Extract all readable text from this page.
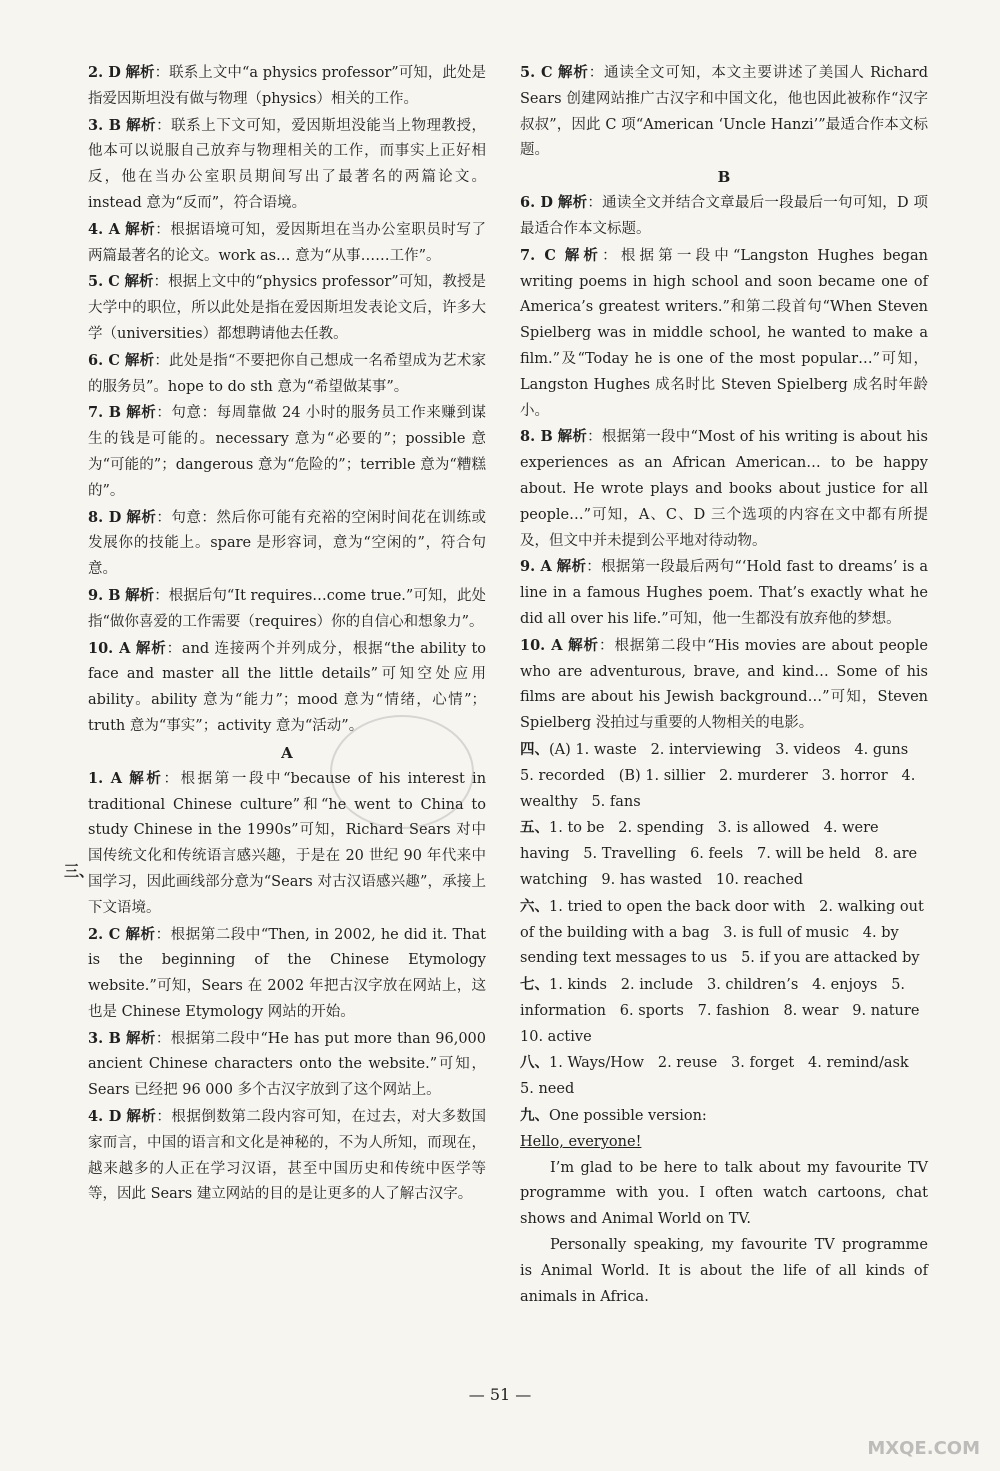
2. D 解析：联系上文中“a physics professor”可知，此处是指爱因斯坦没有做与物理（physics）相关的工作。
3. B 解析：联系上下文可知，爱因斯坦没能当上物理教授，他本可以说服自己放弃与物理相关的工作，而事实上正好相反，他在当办公室职员期间写出了最著名的两篇论文。instead 意为“反而”，符合语境。
4. A 解析：根据语境可知，爱因斯坦在当办公室职员时写了两篇最著名的论文。work as… 意为“从事……工作”。
5. C 解析：根据上文中的“physics professor”可知，教授是大学中的职位，所以此处是指在爱因斯坦发表论文后，许多大学（universities）都想聘请他去任教。
6. C 解析：此处是指“不要把你自己想成一名希望成为艺术家的服务员”。hope to do sth 意为“希望做某事”。
7. B 解析：句意：每周靠做 24 小时的服务员工作来赚到谋生的钱是可能的。necessary 意为“必要的”；possible 意为“可能的”；dangerous 意为“危险的”；terrible 意为“糟糕的”。
8. D 解析：句意：然后你可能有充裕的空闲时间花在训练或发展你的技能上。spare 是形容词，意为“空闲的”，符合句意。
9. B 解析：根据后句“It requires…come true.”可知，此处指“做你喜爱的工作需要（requires）你的自信心和想象力”。
10. A 解析：and 连接两个并列成分，根据“the ability to face and master all the little details”可知空处应用 ability。ability 意为“能力”；mood 意为“情绪，心情”；truth 意为“事实”；activity 意为“活动”。
A
1. A 解析：根据第一段中“because of his interest in traditional Chinese culture”和“he went to China to study Chinese in the 1990s”可知，Richard Sears 对中国传统文化和传统语言感兴趣，于是在 20 世纪 90 年代来中国学习，因此画线部分意为“Sears 对古汉语感兴趣”，承接上下文语境。
2. C 解析：根据第二段中“Then, in 2002, he did it. That is the beginning of the Chinese Etymology website.”可知，Sears 在 2002 年把古汉字放在网站上，这也是 Chinese Etymology 网站的开始。
3. B 解析：根据第二段中“He has put more than 96,000 ancient Chinese characters onto the website.”可知，Sears 已经把 96 000 多个古汉字放到了这个网站上。
4. D 解析：根据倒数第二段内容可知，在过去，对大多数国家而言，中国的语言和文化是神秘的，不为人所知，而现在，越来越多的人正在学习汉语，甚至中国历史和传统中医学等等，因此 Sears 建立网站的目的是让更多的人了解古汉字。
三、
5. C 解析：通读全文可知，本文主要讲述了美国人 Richard Sears 创建网站推广古汉字和中国文化，他也因此被称作“汉字叔叔”，因此 C 项“American ‘Uncle Hanzi’”最适合作本文标题。
B
6. D 解析：通读全文并结合文章最后一段最后一句可知，D 项最适合作本文标题。
7. C 解析：根据第一段中“Langston Hughes began writing poems in high school and soon became one of America’s greatest writers.”和第二段首句“When Steven Spielberg was in middle school, he wanted to make a film.”及“Today he is one of the most popular…”可知，Langston Hughes 成名时比 Steven Spielberg 成名时年龄小。
8. B 解析：根据第一段中“Most of his writing is about his experiences as an African American… to be happy about. He wrote plays and books about justice for all people…”可知，A、C、D 三个选项的内容在文中都有所提及，但文中并未提到公平地对待动物。
9. A 解析：根据第一段最后两句“‘Hold fast to dreams’ is a line in a famous Hughes poem. That’s exactly what he did all over his life.”可知，他一生都没有放弃他的梦想。
10. A 解析：根据第二段中“His movies are about people who are adventurous, brave, and kind… Some of his films are about his Jewish background…”可知，Steven Spielberg 没拍过与重要的人物相关的电影。
四、(A) 1. waste   2. interviewing   3. videos   4. guns   5. recorded   (B) 1. sillier   2. murderer   3. horror   4. wealthy   5. fans
五、1. to be   2. spending   3. is allowed   4. were having   5. Travelling   6. feels   7. will be held   8. are watching   9. has wasted   10. reached
六、1. tried to open the back door with   2. walking out of the building with a bag   3. is full of music   4. by sending text messages to us   5. if you are attacked by
七、1. kinds   2. include   3. children’s   4. enjoys   5. information   6. sports   7. fashion   8. wear   9. nature   10. active
八、1. Ways/How   2. reuse   3. forget   4. remind/ask   5. need

九、One possible version:

Hello, everyone!

I’m glad to be here to talk about my favourite TV programme with you. I often watch cartoons, chat shows and Animal World on TV.

Personally speaking, my favourite TV programme is Animal World. It is about the life of all kinds of animals in Africa.

— 51 —
MXQE.COM
